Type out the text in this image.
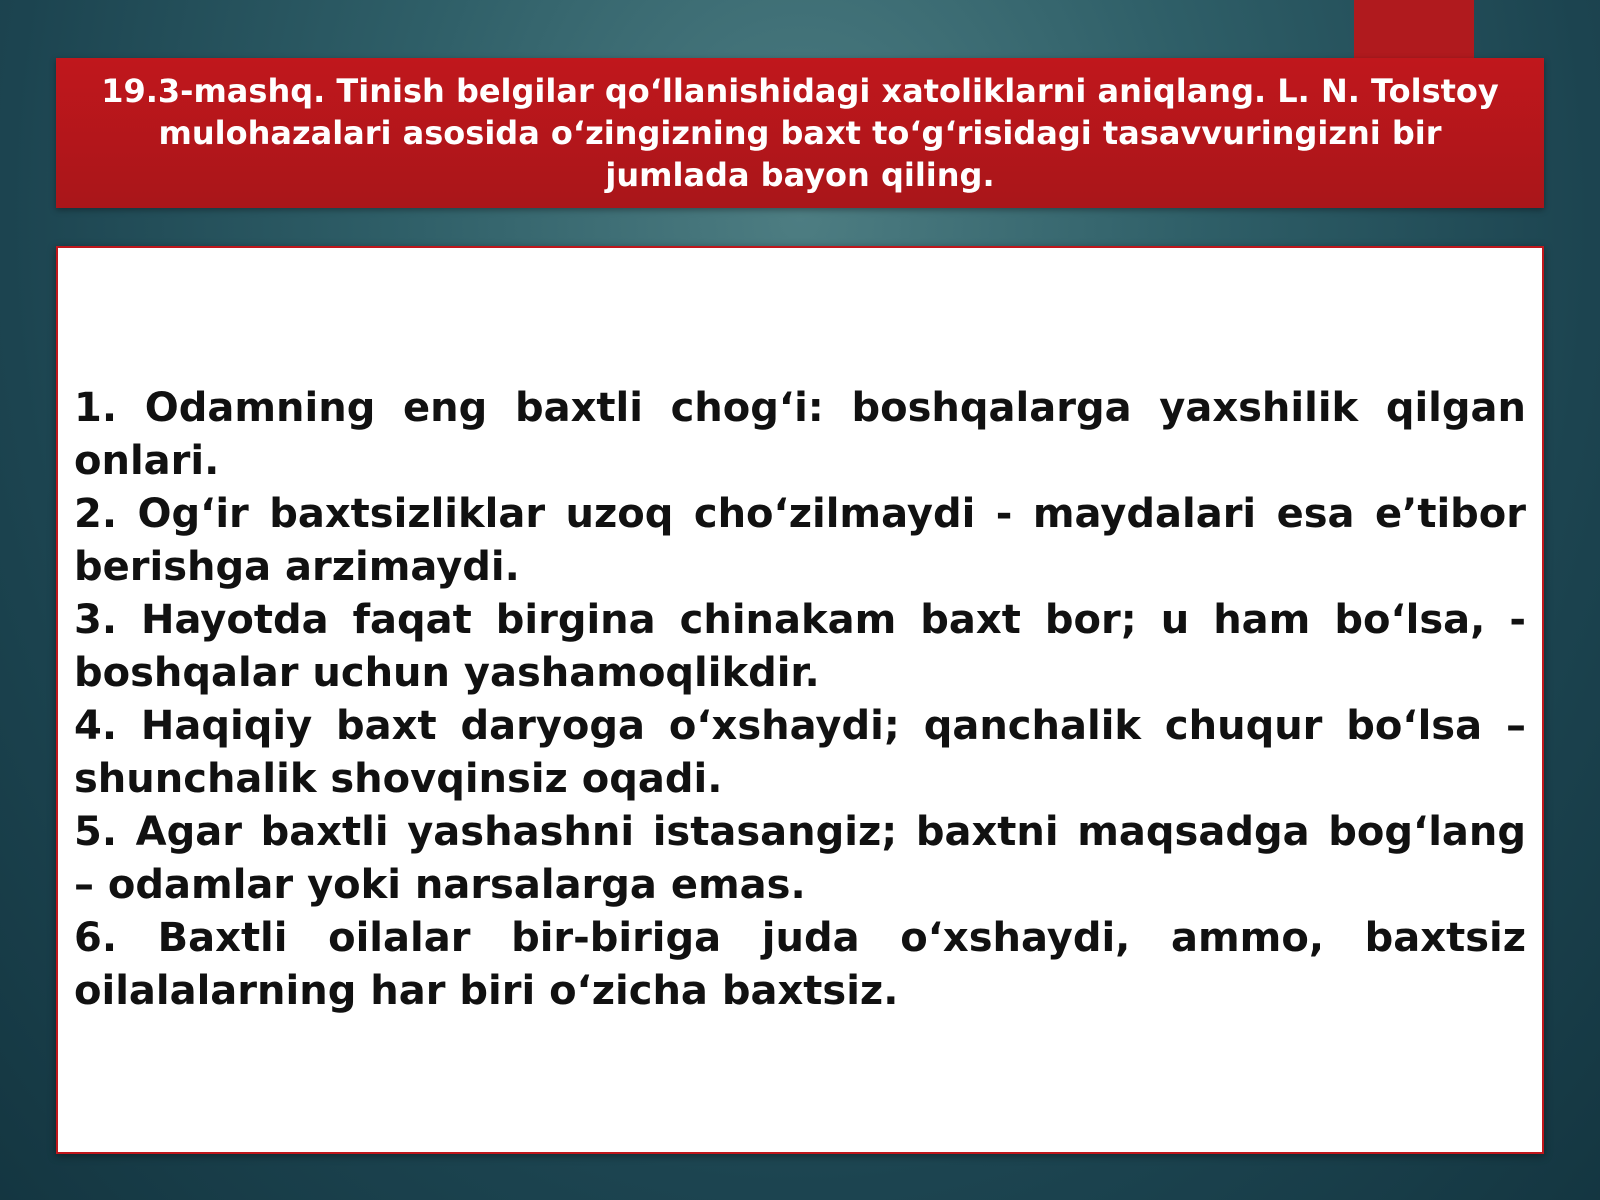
19.3-mashq. Tinish belgilar qo‘llanishidagi xatoliklarni aniqlang. L. N. Tolstoy mulohazalari asosida o‘zingizning baxt to‘g‘risidagi tasavvuringizni bir jumlada bayon qiling.

1. Odamning eng baxtli chog‘i: boshqalarga yaxshilik qilgan onlari.

2. Og‘ir baxtsizliklar uzoq cho‘zilmaydi - maydalari esa e’tibor berishga arzimaydi.

3. Hayotda faqat birgina chinakam baxt bor; u ham bo‘lsa, - boshqalar uchun yashamoqlikdir.

4. Haqiqiy baxt daryoga o‘xshaydi; qanchalik chuqur bo‘lsa – shunchalik shovqinsiz oqadi.

5. Agar baxtli yashashni istasangiz; baxtni maqsadga bog‘lang – odamlar yoki narsalarga emas.

6. Baxtli oilalar bir-biriga juda o‘xshaydi, ammo, baxtsiz oilalalarning har biri o‘zicha baxtsiz.
